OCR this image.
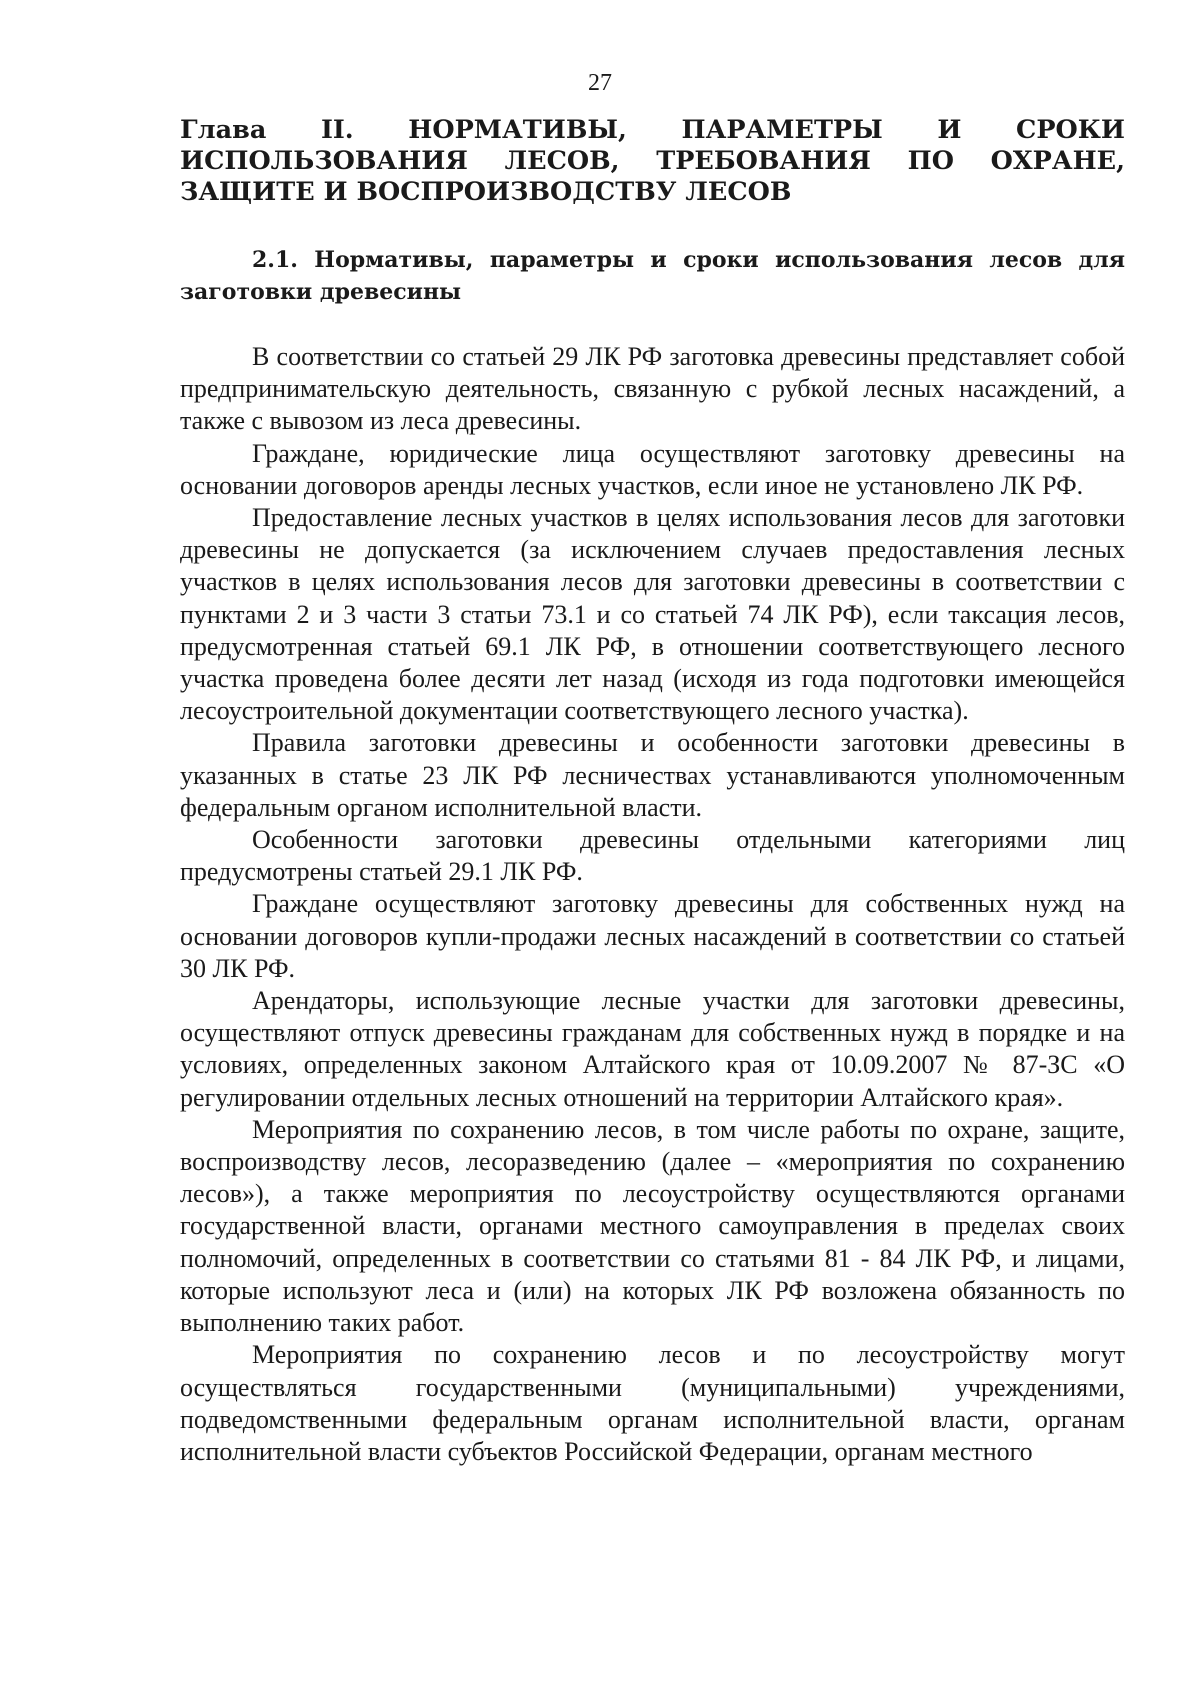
27
Глава II. НОРМАТИВЫ, ПАРАМЕТРЫ И СРОКИ ИСПОЛЬЗОВАНИЯ ЛЕСОВ, ТРЕБОВАНИЯ ПО ОХРАНЕ, ЗАЩИТЕ И ВОСПРОИЗВОДСТВУ ЛЕСОВ
2.1. Нормативы, параметры и сроки использования лесов для заготовки древесины

В соответствии со статьей 29 ЛК РФ заготовка древесины представляет собой предпринимательскую деятельность, связанную с рубкой лесных насаждений, а также с вывозом из леса древесины.

Граждане, юридические лица осуществляют заготовку древесины на основании договоров аренды лесных участков, если иное не установлено ЛК РФ.

Предоставление лесных участков в целях использования лесов для заготовки древесины не допускается (за исключением случаев предоставления лесных участков в целях использования лесов для заготовки древесины в соответствии с пунктами 2 и 3 части 3 статьи 73.1 и со статьей 74 ЛК РФ), если таксация лесов, предусмотренная статьей 69.1 ЛК РФ, в отношении соответствующего лесного участка проведена более десяти лет назад (исходя из года подготовки имеющейся лесоустроительной документации соответствующего лесного участка).

Правила заготовки древесины и особенности заготовки древесины в указанных в статье 23 ЛК РФ лесничествах устанавливаются уполномоченным федеральным органом исполнительной власти.

Особенности заготовки древесины отдельными категориями лиц предусмотрены статьей 29.1 ЛК РФ.

Граждане осуществляют заготовку древесины для собственных нужд на основании договоров купли-продажи лесных насаждений в соответствии со статьей 30 ЛК РФ.

Арендаторы, использующие лесные участки для заготовки древесины, осуществляют отпуск древесины гражданам для собственных нужд в порядке и на условиях, определенных законом Алтайского края от 10.09.2007 № 87-ЗС «О регулировании отдельных лесных отношений на территории Алтайского края».

Мероприятия по сохранению лесов, в том числе работы по охране, защите, воспроизводству лесов, лесоразведению (далее – «мероприятия по сохранению лесов»), а также мероприятия по лесоустройству осуществляются органами государственной власти, органами местного самоуправления в пределах своих полномочий, определенных в соответствии со статьями 81 - 84 ЛК РФ, и лицами, которые используют леса и (или) на которых ЛК РФ возложена обязанность по выполнению таких работ.

Мероприятия по сохранению лесов и по лесоустройству могут осуществляться государственными (муниципальными) учреждениями, подведомственными федеральным органам исполнительной власти, органам исполнительной власти субъектов Российской Федерации, органам местного
